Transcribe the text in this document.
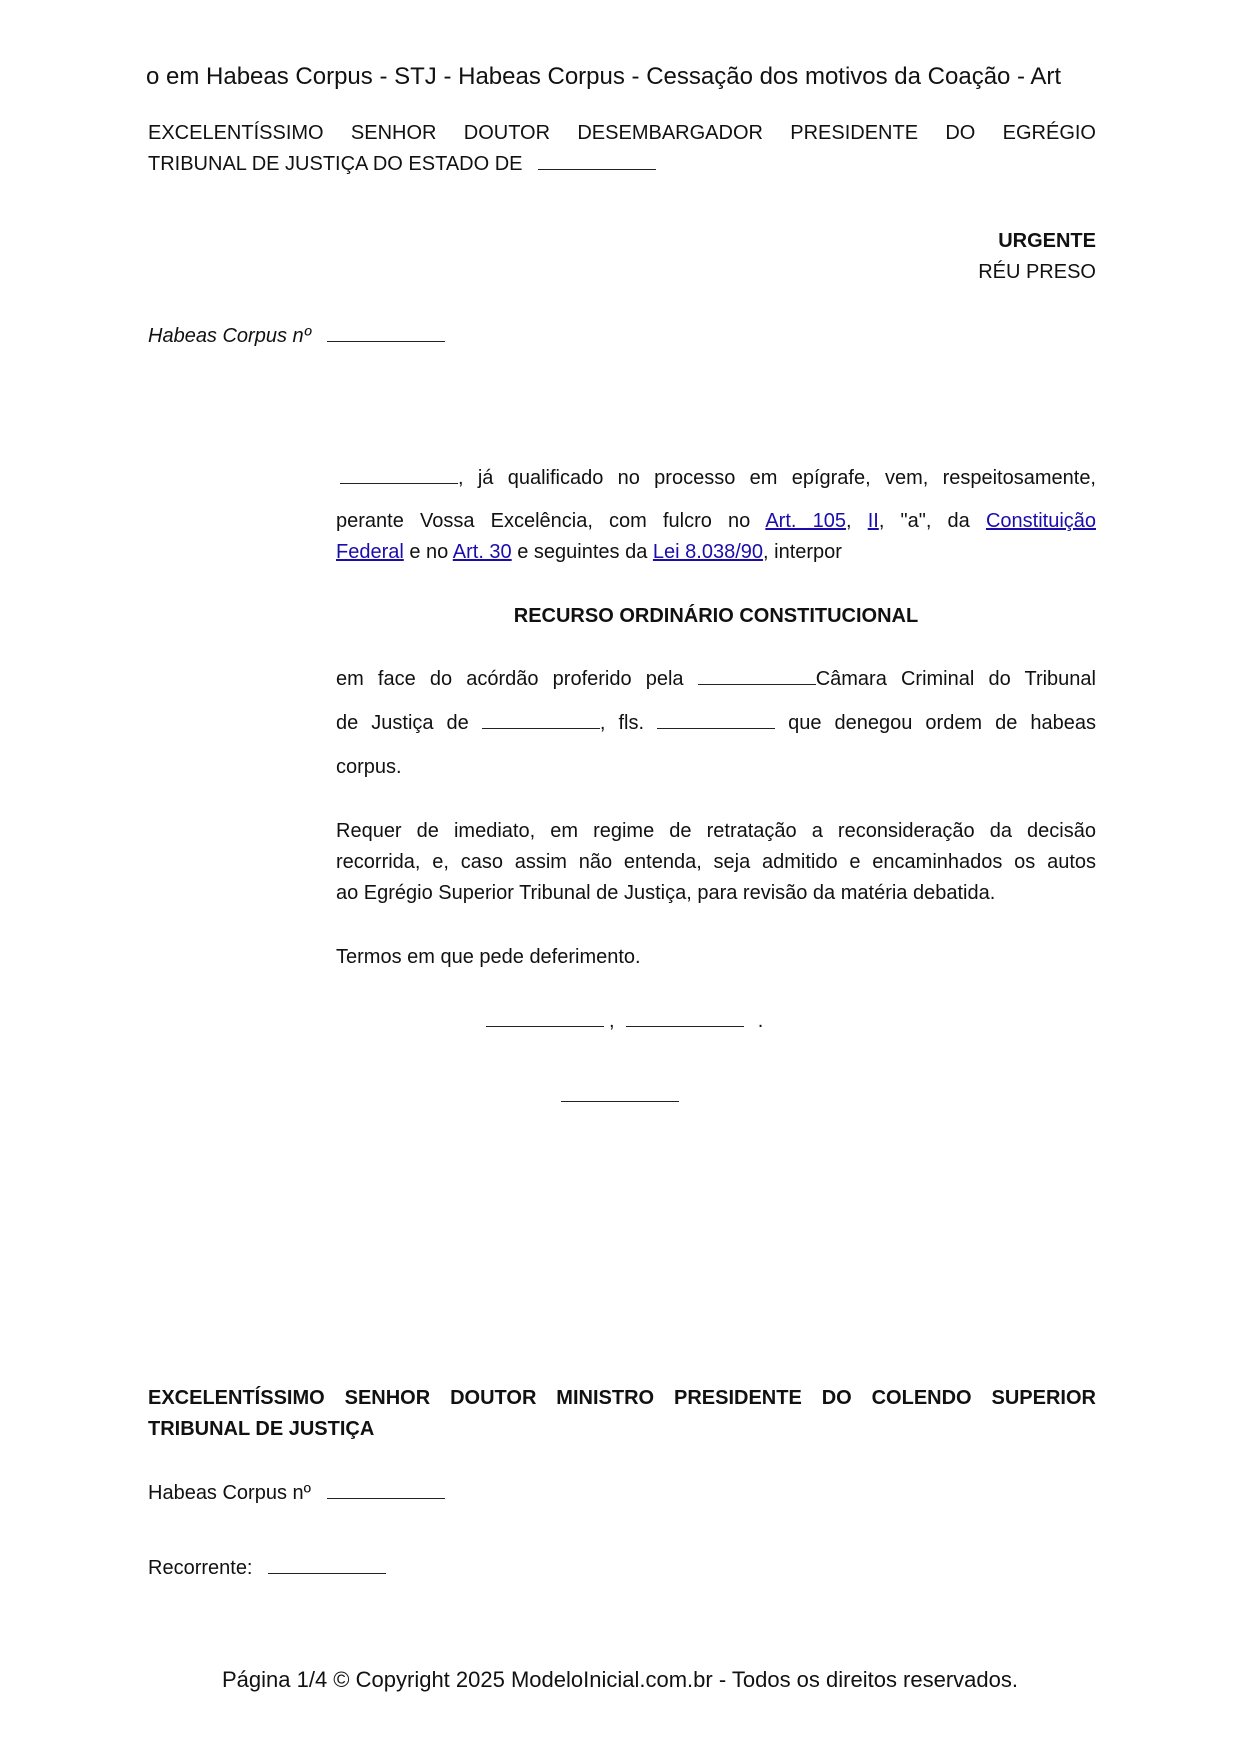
o em Habeas Corpus - STJ - Habeas Corpus - Cessação dos motivos da Coação - Art
EXCELENTÍSSIMO SENHOR DOUTOR DESEMBARGADOR PRESIDENTE DO EGRÉGIO
TRIBUNAL DE JUSTIÇA DO ESTADO DE
URGENTE
RÉU PRESO
Habeas Corpus nº
, já qualificado no processo em epígrafe, vem, respeitosamente,
perante Vossa Excelência, com fulcro no Art. 105, II, "a", da Constituição
Federal e no Art. 30 e seguintes da Lei 8.038/90, interpor
RECURSO ORDINÁRIO CONSTITUCIONAL
em face do acórdão proferido pela	Câmara Criminal do Tribunal
de Justiça de	, fls.	que denegou ordem de habeas
corpus.
Requer de imediato, em regime de retratação a reconsideração da decisão
recorrida, e, caso assim não entenda, seja admitido e encaminhados os autos
ao Egrégio Superior Tribunal de Justiça, para revisão da matéria debatida.
Termos em que pede deferimento.
,	.
EXCELENTÍSSIMO SENHOR DOUTOR MINISTRO PRESIDENTE DO COLENDO SUPERIOR
TRIBUNAL DE JUSTIÇA
Habeas Corpus nº
Recorrente:
Página 1/4 © Copyright 2025 ModeloInicial.com.br - Todos os direitos reservados.
